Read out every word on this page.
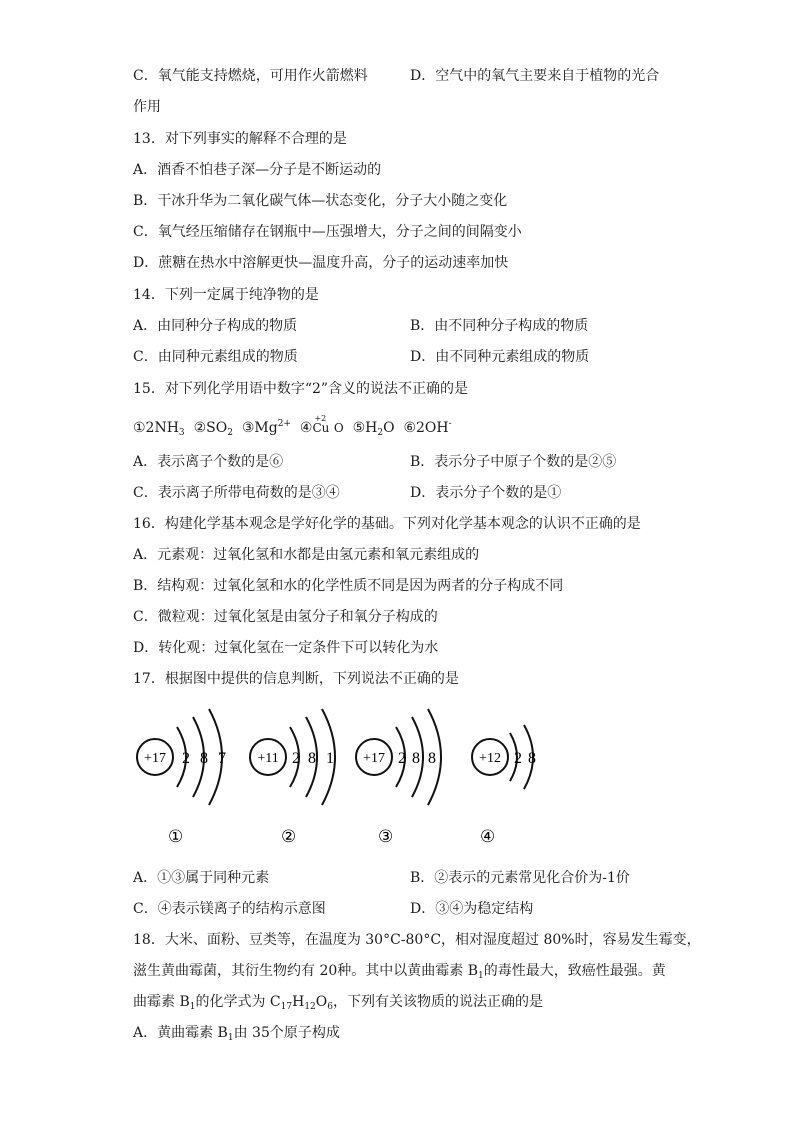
C．氧气能支持燃烧，可用作火箭燃料	D．空气中的氧气主要来自于植物的光合
作用
13．对下列事实的解释不合理的是
A．酒香不怕巷子深—分子是不断运动的
B．干冰升华为二氧化碳气体—状态变化，分子大小随之变化
C．氧气经压缩储存在钢瓶中—压强增大，分子之间的间隔变小
D．蔗糖在热水中溶解更快—温度升高，分子的运动速率加快
14．下列一定属于纯净物的是
A．由同种分子构成的物质	B．由不同种分子构成的物质
C．由同种元素组成的物质	D．由不同种元素组成的物质
15．对下列化学用语中数字“2”含义的说法不正确的是
$①2NH_3$ $②SO_2$ $③Mg^{2+}$ ④
+2
Cu O $⑤H_2O$ ⑥2OH-
A．表示离子个数的是⑥	B．表示分子中原子个数的是②⑤
C．表示离子所带电荷数的是③④	D．表示分子个数的是①
16．构建化学基本观念是学好化学的基础。下列对化学基本观念的认识不正确的是
A．元素观：过氧化氢和水都是由氢元素和氧元素组成的
B．结构观：过氧化氢和水的化学性质不同是因为两者的分子构成不同
C．微粒观：过氧化氢是由氢分子和氧分子构成的
D．转化观：过氧化氢在一定条件下可以转化为水
17．根据图中提供的信息判断，下列说法不正确的是
+17 2 8 7
①
+11 2 8 1
②
+17 2 8 8
③
+12 2 8
④
A．①③属于同种元素	B．②表示的元素常见化合价为-1价
C．④表示镁离子的结构示意图	D．③④为稳定结构
18．大米、面粉、豆类等，在温度为 30°C-80°C，相对湿度超过 80%时，容易发生霉变，
滋生黄曲霉菌，其衍生物约有 20种。其中以黄曲霉素 $B_1$的毒性最大，致癌性最强。黄
曲霉素 $B_1$的化学式为 $C_{17}H_{12}O_6$，下列有关该物质的说法正确的是
A．黄曲霉素 $B_1$由 35个原子构成
